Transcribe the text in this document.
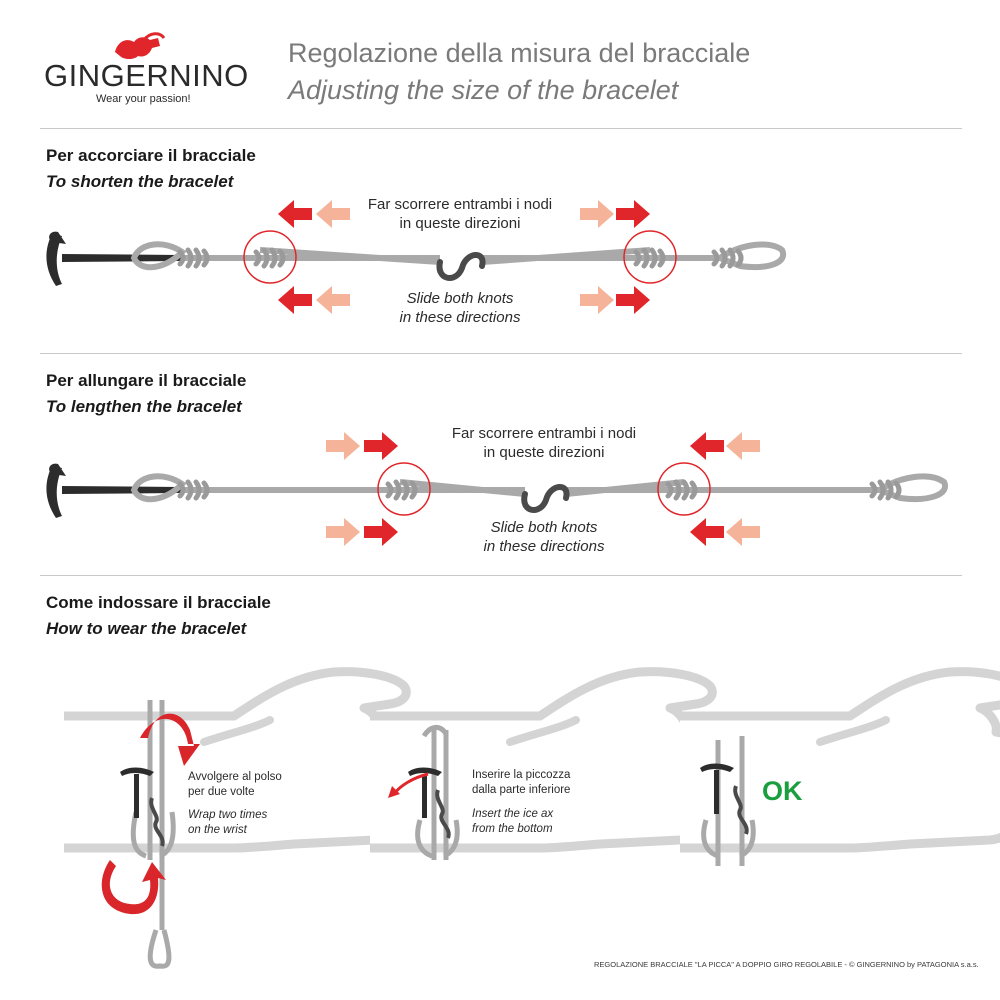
GINGERNINO
Wear your passion!
Regolazione della misura del bracciale
Adjusting the size of the bracelet
Per accorciare il bracciale
To shorten the bracelet
Far scorrere entrambi i nodi
in queste direzioni
Slide both knots
in these directions
Per allungare il bracciale
To lengthen the bracelet
Far scorrere entrambi i nodi
in queste direzioni
Slide both knots
in these directions
Come indossare il bracciale
How to wear the bracelet
Avvolgere al polso
per due volte
Wrap two times
on the wrist
Inserire la piccozza
dalla parte inferiore
Insert the ice ax
from the bottom
OK
REGOLAZIONE BRACCIALE "LA PICCA" A DOPPIO GIRO REGOLABILE - © GINGERNINO by PATAGONIA s.a.s.
